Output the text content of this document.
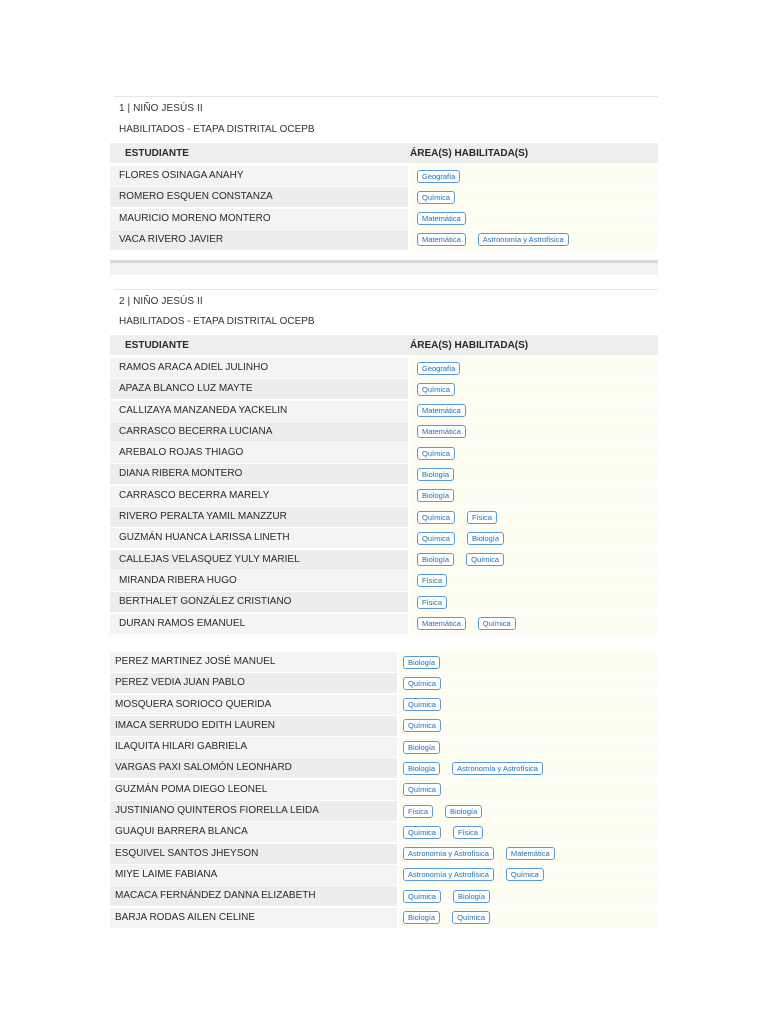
1 | NIÑO JESÚS II
HABILITADOS - ETAPA DISTRITAL OCEPB
ESTUDIANTE	ÁREA(S) HABILITADA(S)
FLORES OSINAGA ANAHY	Geografía
ROMERO ESQUEN CONSTANZA	Química
MAURICIO MORENO MONTERO	Matemática
VACA RIVERO JAVIER	Matemática	Astronomía y Astrofísica
2 | NIÑO JESÚS II
HABILITADOS - ETAPA DISTRITAL OCEPB
ESTUDIANTE	ÁREA(S) HABILITADA(S)
RAMOS ARACA ADIEL JULINHO	Geografía
APAZA BLANCO LUZ MAYTE	Química
CALLIZAYA MANZANEDA YACKELIN	Matemática
CARRASCO BECERRA LUCIANA	Matemática
AREBALO ROJAS THIAGO	Química
DIANA RIBERA MONTERO	Biología
CARRASCO BECERRA MARELY	Biología
RIVERO PERALTA YAMIL MANZZUR	Química	Física
GUZMÁN HUANCA LARISSA LINETH	Química	Biología
CALLEJAS VELASQUEZ YULY MARIEL	Biología	Química
MIRANDA RIBERA HUGO	Física
BERTHALET GONZÁLEZ CRISTIANO	Física
DURAN RAMOS EMANUEL	Matemática	Química
PEREZ MARTINEZ JOSÉ MANUEL	Biología
PEREZ VEDIA JUAN PABLO	Química
MOSQUERA SORIOCO QUERIDA	Química
IMACA SERRUDO EDITH LAUREN	Química
ILAQUITA HILARI GABRIELA	Biología
VARGAS PAXI SALOMÓN LEONHARD	Biología	Astronomía y Astrofísica
GUZMÁN POMA DIEGO LEONEL	Química
JUSTINIANO QUINTEROS FIORELLA LEIDA	Física	Biología
GUAQUI BARRERA BLANCA	Química	Física
ESQUIVEL SANTOS JHEYSON	Astronomía y Astrofísica	Matemática
MIYE LAIME FABIANA	Astronomía y Astrofísica	Química
MACACA FERNÁNDEZ DANNA ELIZABETH	Química	Biología
BARJA RODAS AILEN CELINE	Biología	Química
